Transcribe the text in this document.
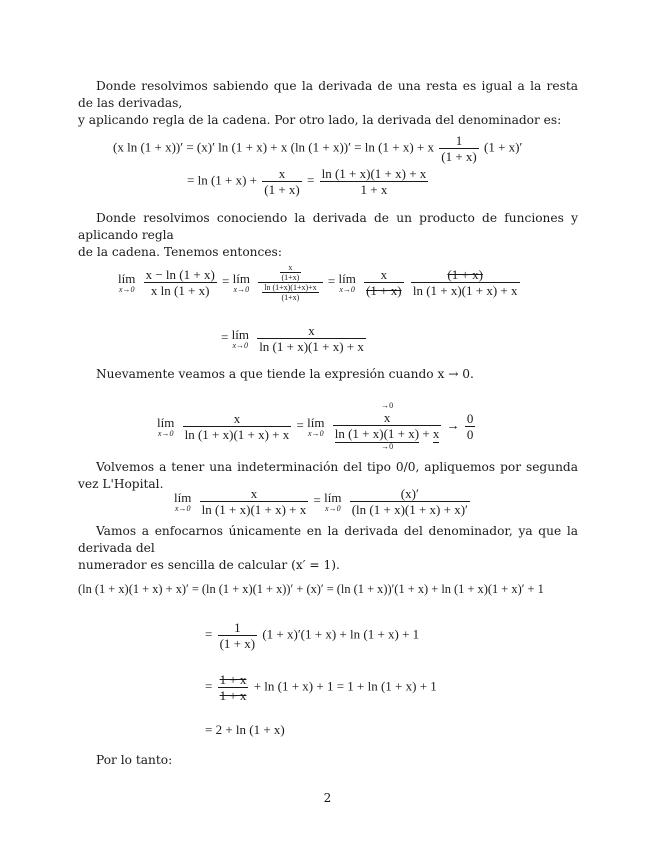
Donde resolvimos sabiendo que la derivada de una resta es igual a la resta de las derivadas,
y aplicando regla de la cadena. Por otro lado, la derivada del denominador es:
(x ln (1 + x))′ = (x)′ ln (1 + x) + x (ln (1 + x))′ = ln (1 + x) + x $\frac{1}{(1 + x)} (1 + x)'$
= $\ln (1 + x) + \frac{x}{(1 + x)} = \frac{\ln (1 + x)(1 + x) + x}{1 + x}$
Donde resolvimos conociendo la derivada de un producto de funciones y aplicando regla
de la cadena. Tenemos entonces:
lím
x→0
$\frac{x - \ln (1 + x)}{\text{x ln (1 + x)}}$ = lím
x→0
$\frac{\frac{x}{(1+x)}}{\frac{\ln (1+x)(1+x)+x}{(1+x)}}$ = lím
x→0
$\frac{x}{(1 + x)}$
$\frac{(1 + x)}{\ln (1 + x)(1 + x) + x}$
= lím
x→0
$\frac{x}{\ln (1 + x)(1 + x) + x}$
Nuevamente veamos a que tiende la expresión cuando x → 0.
lím
x→0
$\frac{x}{\ln (1 + x)(1 + x) + x}$ = lím
x→0
→0
x
ln (1 + x)(1 + x) + x
$\to 0 \to \frac{0}{0}$
Volvemos a tener una indeterminación del tipo 0/0, apliquemos por segunda vez L'Hopital.
lím
x→0
$\frac{x}{\ln (1 + x)(1 + x) + x}$ = lím
x→0
$\frac{(x)'}{(\ln (1 + x)(1 + x) + x)'}$
Vamos a enfocarnos únicamente en la derivada del denominador, ya que la derivada del
numerador es sencilla de calcular (x′ = 1).
(ln (1 + x)(1 + x) + x)′ = (ln (1 + x)(1 + x))′ + (x)′ = (ln (1 + x))′(1 + x) + ln (1 + x)(1 + x)′ + 1
= $\frac{1}{(1 + x)} (1 + x)'(1 + x) + \ln (1 + x) + 1$
= $\frac{1 + x}{1 + x} + \ln (1 + x) + 1 = 1 + \ln (1 + x) + 1$
= 2 + ln (1 + x)
Por lo tanto:
2
